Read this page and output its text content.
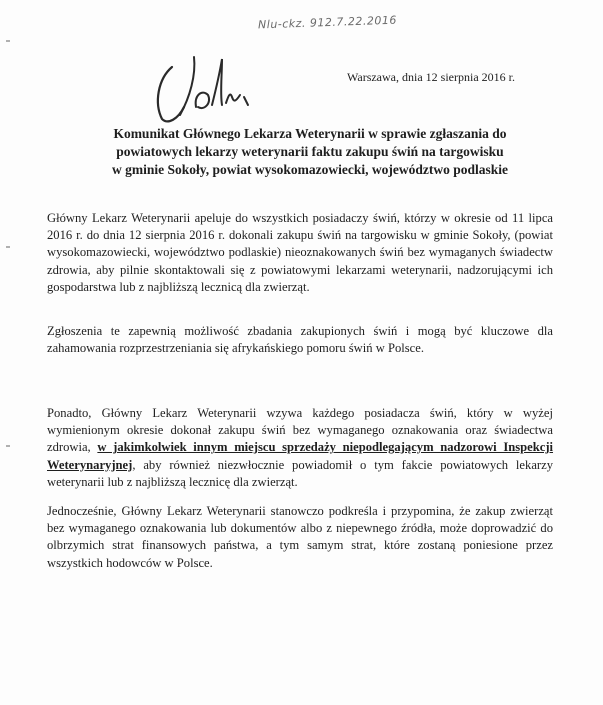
Nlu-ckz. 912.7.22.2016
Warszawa, dnia 12 sierpnia 2016 r.
Komunikat Głównego Lekarza Weterynarii w sprawie zgłaszania do
powiatowych lekarzy weterynarii faktu zakupu świń na targowisku
w gminie Sokoły, powiat wysokomazowiecki, województwo podlaskie

Główny Lekarz Weterynarii apeluje do wszystkich posiadaczy świń, którzy w okresie od 11 lipca 2016 r. do dnia 12 sierpnia 2016 r. dokonali zakupu świń na targowisku w gminie Sokoły, (powiat wysokomazowiecki, województwo podlaskie) nieoznakowanych świń bez wymaganych świadectw zdrowia, aby pilnie skontaktowali się z powiatowymi lekarzami weterynarii, nadzorującymi ich gospodarstwa lub z najbliższą lecznicą dla zwierząt.

Zgłoszenia te zapewnią możliwość zbadania zakupionych świń i mogą być kluczowe dla zahamowania rozprzestrzeniania się afrykańskiego pomoru świń w Polsce.

Ponadto, Główny Lekarz Weterynarii wzywa każdego posiadacza świń, który w wyżej wymienionym okresie dokonał zakupu świń bez wymaganego oznakowania oraz świadectwa zdrowia, w jakimkolwiek innym miejscu sprzedaży niepodlegającym nadzorowi Inspekcji Weterynaryjnej, aby również niezwłocznie powiadomił o tym fakcie powiatowych lekarzy weterynarii lub z najbliższą lecznicę dla zwierząt.

Jednocześnie, Główny Lekarz Weterynarii stanowczo podkreśla i przypomina, że zakup zwierząt bez wymaganego oznakowania lub dokumentów albo z niepewnego źródła, może doprowadzić do olbrzymich strat finansowych państwa, a tym samym strat, które zostaną poniesione przez wszystkich hodowców w Polsce.
